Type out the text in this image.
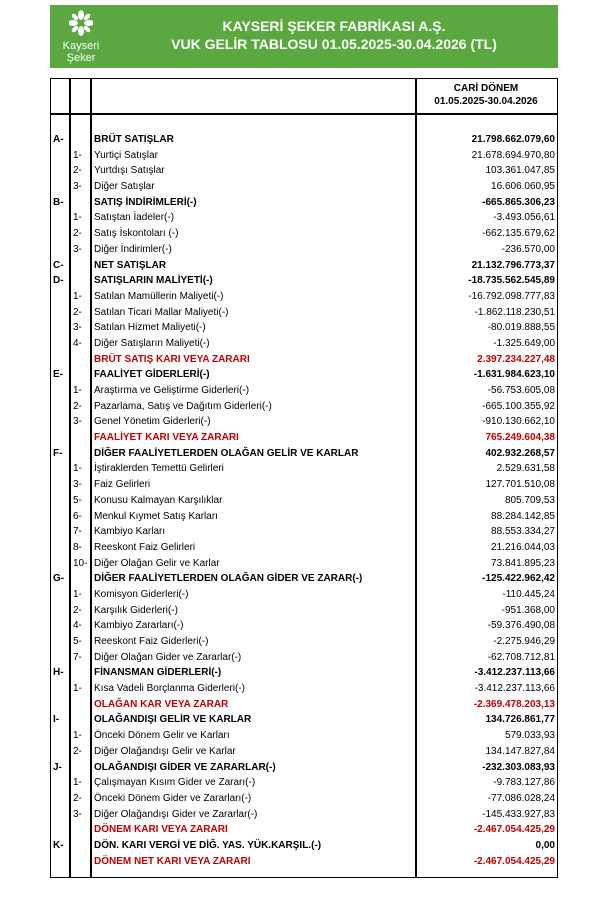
Kayseri
Şeker
KAYSERİ ŞEKER FABRİKASI A.Ş.
VUK GELİR TABLOSU 01.05.2025-30.04.2026 (TL)
CARİ DÖNEM
01.05.2025-30.04.2026
A-	BRÜT SATIŞLAR	21.798.662.079,60
1- Yurtiçi Satışlar	21.678.694.970,80
2- Yurtdışı Satışlar	103.361.047,85
3- Diğer Satışlar	16.606.060,95
B-	SATIŞ İNDİRİMLERİ(-)	-665.865.306,23
1- Satıştan İadeler(-)	-3.493.056,61
2- Satış İskontoları (-)	-662.135.679,62
3- Diğer İndirimler(-)	-236.570,00
C-	NET SATIŞLAR	21.132.796.773,37
D-	SATIŞLARIN MALİYETİ(-)	-18.735.562.545,89
1- Satılan Mamüllerin Maliyeti(-)	-16.792.098.777,83
2- Satılan Ticari Mallar Maliyeti(-)	-1.862.118.230,51
3- Satılan Hizmet Maliyeti(-)	-80.019.888,55
4- Diğer Satışların Maliyeti(-)	-1.325.649,00
BRÜT SATIŞ KARI VEYA ZARARI	2.397.234.227,48
E-	FAALİYET GİDERLERİ(-)	-1.631.984.623,10
1- Araştırma ve Geliştirme Giderleri(-)	-56.753.605,08
2- Pazarlama, Satış ve Dağıtım Giderleri(-)	-665.100.355,92
3- Genel Yönetim Giderleri(-)	-910.130.662,10
FAALİYET KARI VEYA ZARARI	765.249.604,38
F-	DİĞER FAALİYETLERDEN OLAĞAN GELİR VE KARLAR	402.932.268,57
1- İştiraklerden Temettü Gelirleri	2.529.631,58
3- Faiz Gelirleri	127.701.510,08
5- Konusu Kalmayan Karşılıklar	805.709,53
6- Menkul Kıymet Satış Karları	88.284.142,85
7- Kambiyo Karları	88.553.334,27
8- Reeskont Faiz Gelirleri	21.216.044,03
10- Diğer Olağan Gelir ve Karlar	73.841.895,23
G-	DİĞER FAALİYETLERDEN OLAĞAN GİDER VE ZARAR(-)	-125.422.962,42
1- Komisyon Giderleri(-)	-110.445,24
2- Karşılık Giderleri(-)	-951.368,00
4- Kambiyo Zararları(-)	-59.376.490,08
5- Reeskont Faiz Giderleri(-)	-2.275.946,29
7- Diğer Olağan Gider ve Zararlar(-)	-62.708.712,81
H-	FİNANSMAN GİDERLERİ(-)	-3.412.237.113,66
1- Kısa Vadeli Borçlanma Giderleri(-)	-3.412.237.113,66
OLAĞAN KAR VEYA ZARAR	-2.369.478.203,13
I-	OLAĞANDIŞI GELİR VE KARLAR	134.726.861,77
1- Önceki Dönem Gelir ve Karları	579.033,93
2- Diğer Olağandışı Gelir ve Karlar	134.147.827,84
J-	OLAĞANDIŞI GİDER VE ZARARLAR(-)	-232.303.083,93
1- Çalışmayan Kısım Gider ve Zararı(-)	-9.783.127,86
2- Önceki Dönem Gider ve Zararları(-)	-77.086.028,24
3- Diğer Olağandışı Gider ve Zararlar(-)	-145.433.927,83
DÖNEM KARI VEYA ZARARI	-2.467.054.425,29
K-	DÖN. KARI VERGİ VE DİĞ. YAS. YÜK.KARŞIL.(-)	0,00
DÖNEM NET KARI VEYA ZARARI	-2.467.054.425,29
